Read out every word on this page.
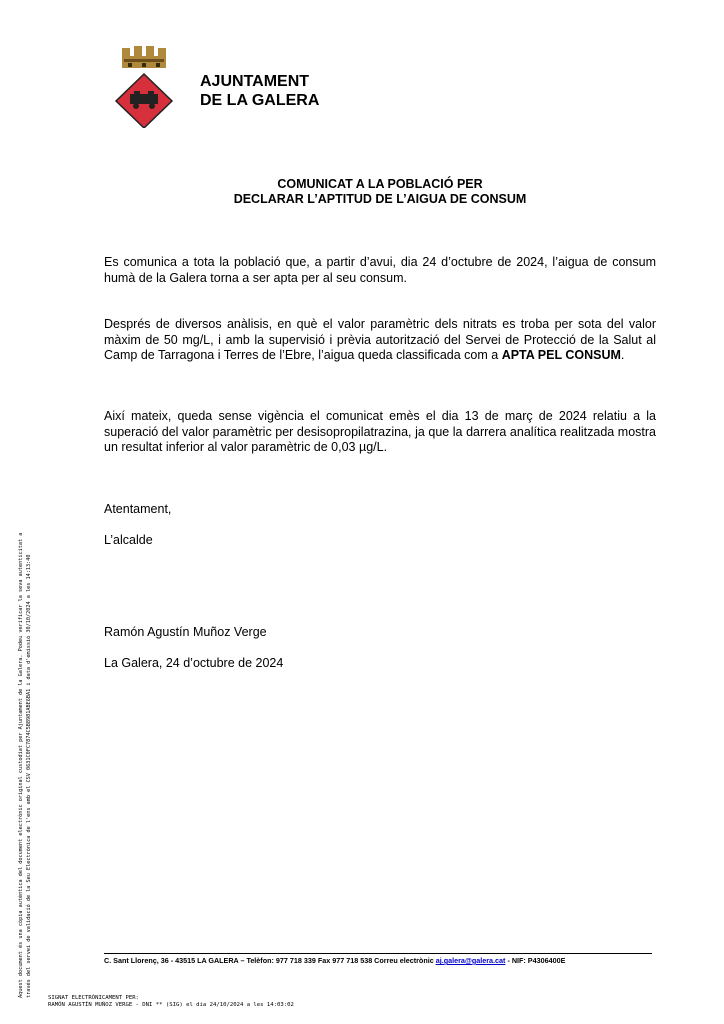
AJUNTAMENT
DE LA GALERA
COMUNICAT A LA POBLACIÓ PER
DECLARAR L’APTITUD DE L’AIGUA DE CONSUM
Es comunica a tota la població que, a partir d’avui, dia 24 d’octubre de 2024, l’aigua de consum humà de la Galera torna a ser apta per al seu consum.
Després de diversos anàlisis, en què el valor paramètric dels nitrats es troba per sota del valor màxim de 50 mg/L, i amb la supervisió i prèvia autorització del Servei de Protecció de la Salut al Camp de Tarragona i Terres de l’Ebre, l’aigua queda classificada com a APTA PEL CONSUM.
Així mateix, queda sense vigència el comunicat emès el dia 13 de març de 2024 relatiu a la superació del valor paramètric per desisopropilatrazina, ja que la darrera analítica realitzada mostra un resultat inferior al valor paramètric de 0,03 µg/L.
Atentament,
L’alcalde
Ramón Agustín Muñoz Verge
La Galera, 24 d’octubre de 2024
C. Sant Llorenç, 36 - 43515 LA GALERA – Telèfon: 977 718 339 Fax 977 718 538 Correu electrònic aj.galera@galera.cat - NIF: P4306400E
Aquest document és una còpia autèntica del document electrònic original custodiat per Ajuntament de la Galera. Podeu verificar la seva autenticitat a través del servei de validació de la Seu Electrònica de l'ens amb el CSV 0631C0FC7874C5B8981ABE6BA1 i data d'emissió 30/10/2024 a les 14:13:40	SIGNAT ELECTRÒNICAMENT PER:
RAMÓN AGUSTÍN MUÑOZ VERGE - DNI ** (SIG) el dia 24/10/2024 a les 14:03:02
